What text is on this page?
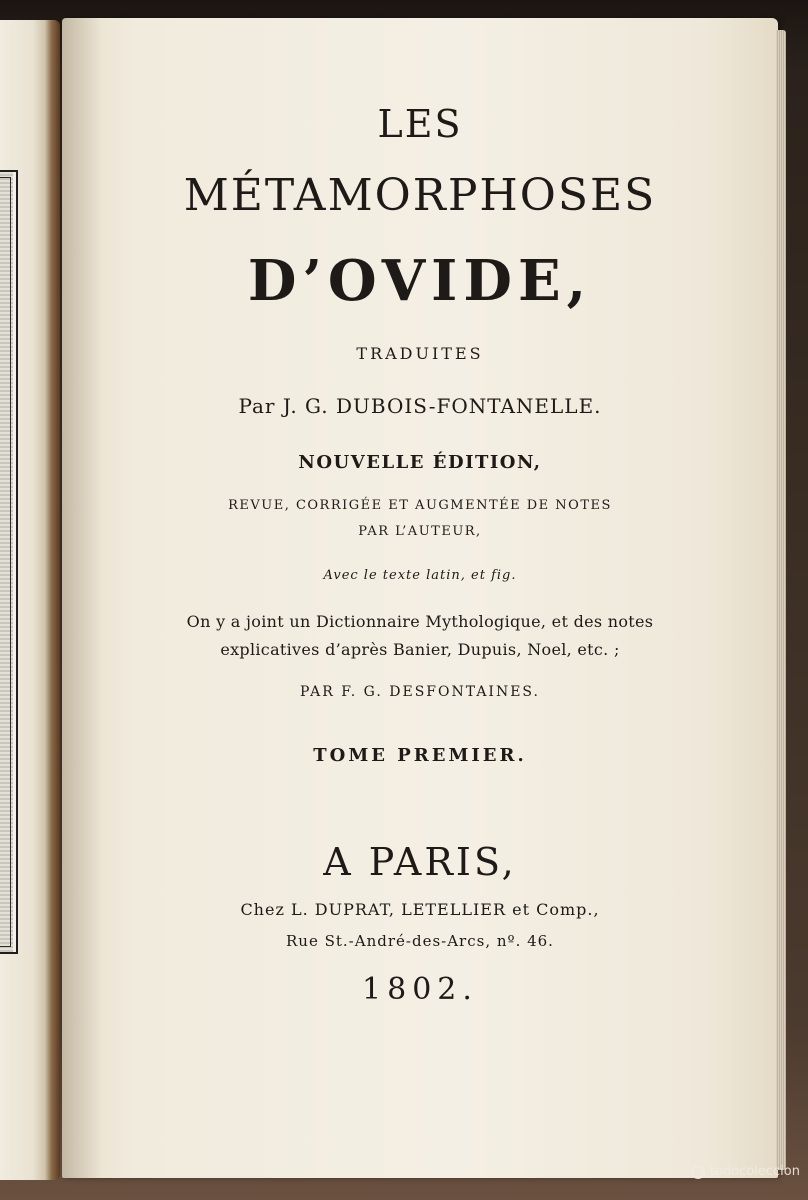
LES

MÉTAMORPHOSES

D’OVIDE,

TRADUITES

Par J. G. DUBOIS-FONTANELLE.

NOUVELLE ÉDITION,

REVUE, CORRIGÉE ET AUGMENTÉE DE NOTES

PAR L’AUTEUR,

Avec le texte latin, et fig.

On y a joint un Dictionnaire Mythologique, et des notes

explicatives d’après Banier, Dupuis, Noel, etc. ;

PAR F. G. DESFONTAINES.

TOME PREMIER.

A PARIS,

Chez L. DUPRAT, LETELLIER et Comp.,

Rue St.-André-des-Arcs, nº. 46.

1802.

todocoleccion
